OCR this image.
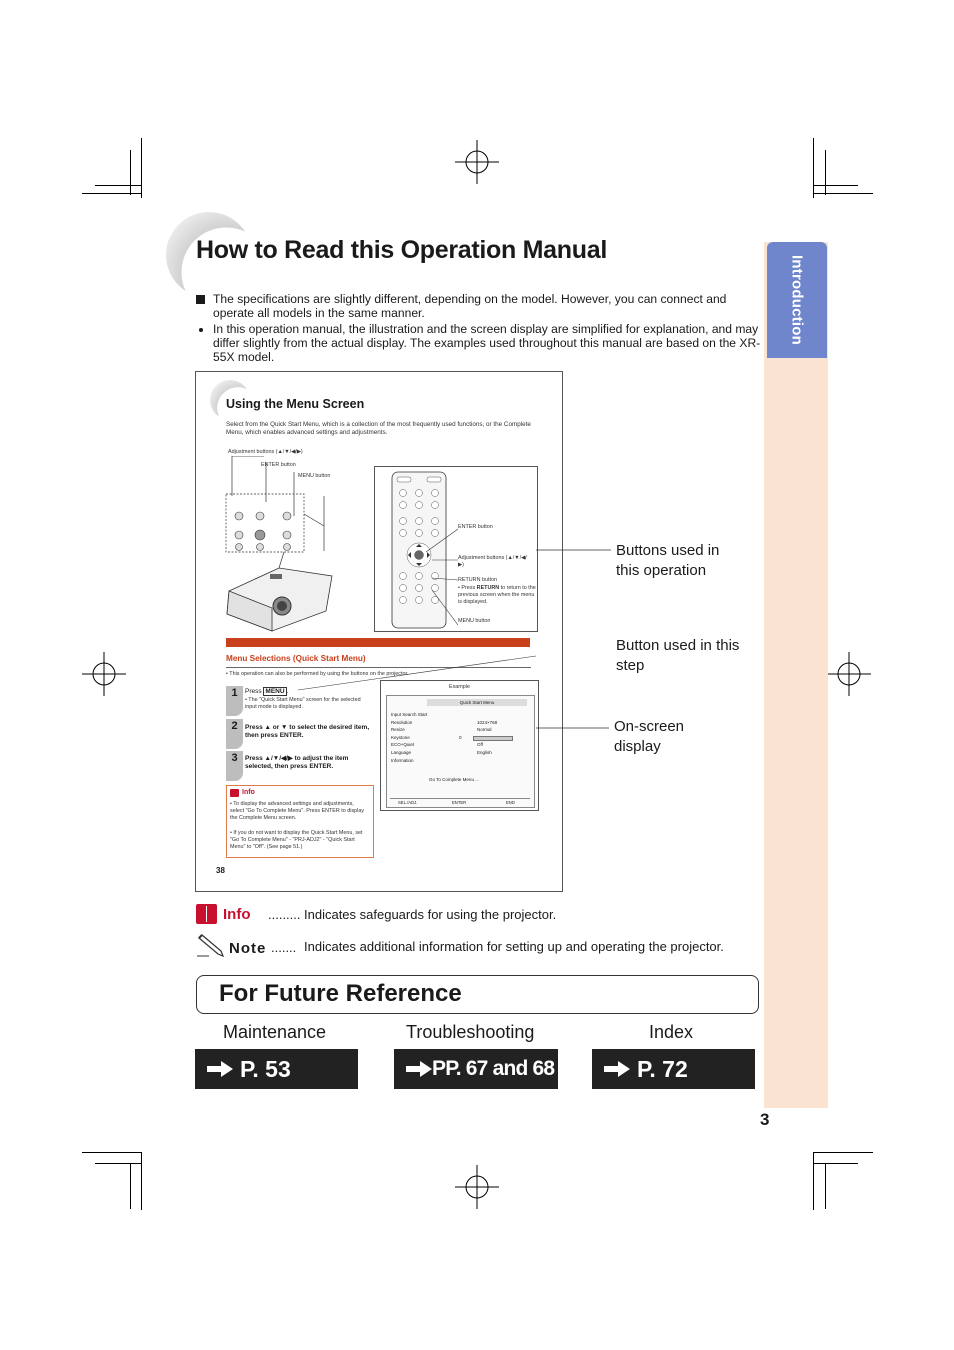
Introduction
3
How to Read this Operation Manual
The specifications are slightly different, depending on the model. However, you can connect and operate all models in the same manner.
In this operation manual, the illustration and the screen display are simplified for explanation, and may differ slightly from the actual display. The examples used throughout this manual are based on the XR-55X model.
Using the Menu Screen
Select from the Quick Start Menu, which is a collection of the most frequently used functions, or the Complete Menu, which enables advanced settings and adjustments.
Adjustment buttons (▲/▼/◀/▶)
ENTER button
MENU button
ENTER button
Adjustment buttons (▲/▼/◀/▶)
RETURN button
• Press RETURN to return to the previous screen when the menu is displayed.
MENU button
Menu Selections (Quick Start Menu)
• This operation can also be performed by using the buttons on the projector.
1	Press MENU .
• The "Quick Start Menu" screen for the selected input mode is displayed.
2	Press ▲ or ▼ to select the desired item, then press ENTER.
3	Press ▲/▼/◀/▶ to adjust the item selected, then press ENTER.
Info
• To display the advanced settings and adjustments, select "Go To Complete Menu". Press ENTER to display the Complete Menu screen.
• If you do not want to display the Quick Start Menu, set "Go To Complete Menu" - "PRJ-ADJ2" - "Quick Start Menu" to "Off". (See page 51.)
Example
Quick Start Menu
Input Search Start
Resolution	1024×768
Resize	Normal
Keystone	0
ECO+Quiet	Off
Language	English
Information
Go To Complete Menu ...
SEL./ADJ.	ENTER	END
38
Buttons used in this operation
Button used in this step
On-screen display
Info ......... Indicates safeguards for using the projector.
Note ....... Indicates additional information for setting up and operating the projector.
For Future Reference
Maintenance	Troubleshooting	Index
P. 53	PP. 67 and 68	P. 72
